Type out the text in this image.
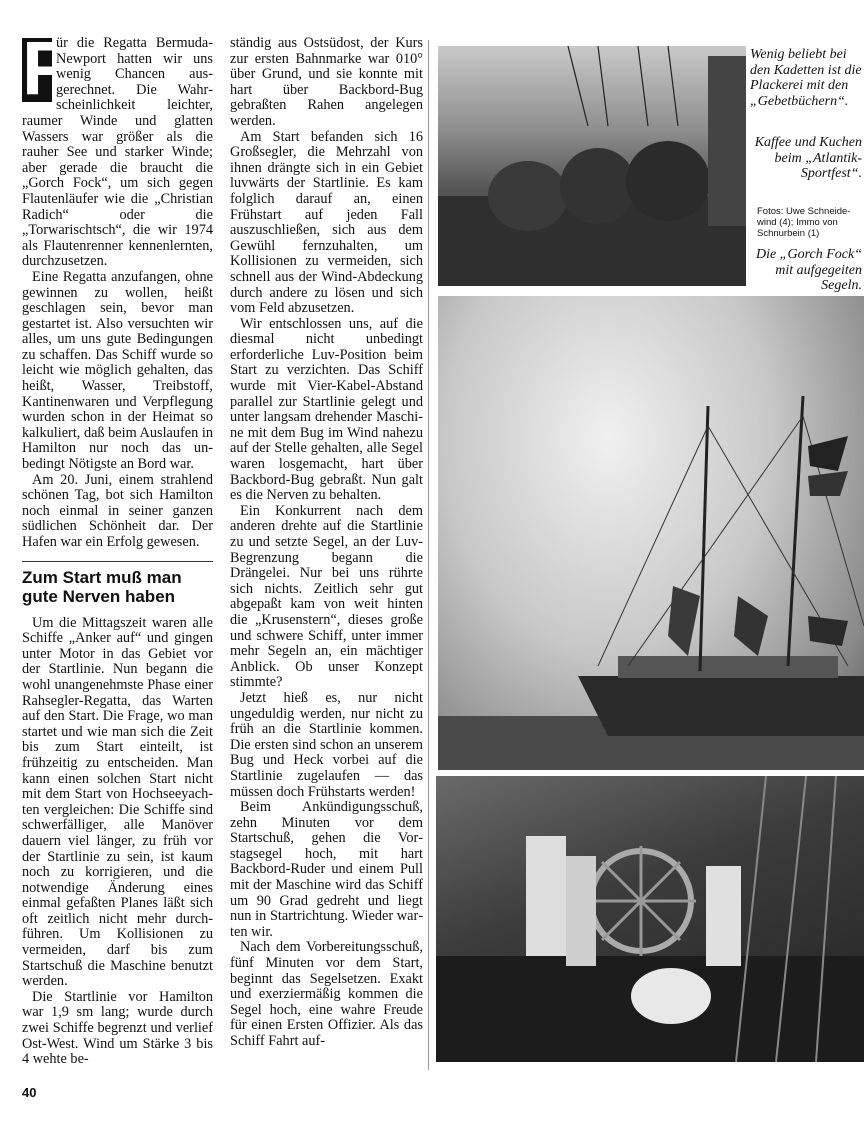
F

ür die Regatta Bermuda-Newport hatten wir uns wenig Chancen ausgerechnet. Die Wahrscheinlichkeit leichter, raumer Winde und glatten Wassers war größer als die rauher See und starker Winde; aber gerade die braucht die „Gorch Fock“, um sich gegen Flautenläufer wie die „Christian Radich“ oder die „Torwarischtsch“, die wir 1974 als Flautenrenner kennenlernten, durchzusetzen.

Eine Regatta anzufangen, ohne gewinnen zu wollen, heißt geschlagen sein, bevor man gestartet ist. Also versuchten wir alles, um uns gute Bedingungen zu schaffen. Das Schiff wurde so leicht wie möglich gehalten, das heißt, Wasser, Treibstoff, Kantinenwaren und Verpflegung wurden schon in der Heimat so kalkuliert, daß beim Auslaufen in Hamilton nur noch das unbedingt Nötigste an Bord war.

Am 20. Juni, einem strahlend schönen Tag, bot sich Hamilton noch einmal in seiner ganzen südlichen Schönheit dar. Der Hafen war ein Erfolg gewesen.

Zum Start muß man gute Nerven haben

Um die Mittagszeit waren alle Schiffe „Anker auf“ und gingen unter Motor in das Gebiet vor der Startlinie. Nun begann die wohl unangenehmste Phase einer Rahsegler-Regatta, das Warten auf den Start. Die Frage, wo man startet und wie man sich die Zeit bis zum Start einteilt, ist frühzeitig zu entscheiden. Man kann einen solchen Start nicht mit dem Start von Hochseeyachten vergleichen: Die Schiffe sind schwerfälliger, alle Manöver dauern viel länger, zu früh vor der Startlinie zu sein, ist kaum noch zu korrigieren, und die notwendige Änderung eines einmal gefaßten Planes läßt sich oft zeitlich nicht mehr durchführen. Um Kollisionen zu vermeiden, darf bis zum Startschuß die Maschine benutzt werden.

Die Startlinie vor Hamilton war 1,9 sm lang; wurde durch zwei Schiffe begrenzt und verlief Ost-West. Wind um Stärke 3 bis 4 wehte be-

ständig aus Ostsüdost, der Kurs zur ersten Bahnmarke war 010° über Grund, und sie konnte mit hart über Backbord-Bug gebraßten Rahen angelegen werden.

Am Start befanden sich 16 Großsegler, die Mehrzahl von ihnen drängte sich in ein Gebiet luvwärts der Startlinie. Es kam folglich darauf an, einen Frühstart auf jeden Fall auszuschließen, sich aus dem Gewühl fernzuhalten, um Kollisionen zu vermeiden, sich schnell aus der Wind-Abdeckung durch andere zu lösen und sich vom Feld abzusetzen.

Wir entschlossen uns, auf die diesmal nicht unbedingt erforderliche Luv-Position beim Start zu verzichten. Das Schiff wurde mit Vier-Kabel-Abstand parallel zur Startlinie gelegt und unter langsam drehender Maschine mit dem Bug im Wind nahezu auf der Stelle gehalten, alle Segel waren losgemacht, hart über Backbord-Bug gebraßt. Nun galt es die Nerven zu behalten.

Ein Konkurrent nach dem anderen drehte auf die Startlinie zu und setzte Segel, an der Luv-Begrenzung begann die Drängelei. Nur bei uns rührte sich nichts. Zeitlich sehr gut abgepaßt kam von weit hinten die „Krusenstern“, dieses große und schwere Schiff, unter immer mehr Segeln an, ein mächtiger Anblick. Ob unser Konzept stimmte?

Jetzt hieß es, nur nicht ungeduldig werden, nur nicht zu früh an die Startlinie kommen. Die ersten sind schon an unserem Bug und Heck vorbei auf die Startlinie zugelaufen — das müssen doch Frühstarts werden!

Beim Ankündigungsschuß, zehn Minuten vor dem Startschuß, gehen die Vorstagsegel hoch, mit hart Backbord-Ruder und einem Pull mit der Maschine wird das Schiff um 90 Grad gedreht und liegt nun in Startrichtung. Wieder warten wir.

Nach dem Vorbereitungsschuß, fünf Minuten vor dem Start, beginnt das Segelsetzen. Exakt und exerziermäßig kommen die Segel hoch, eine wahre Freude für einen Ersten Offizier. Als das Schiff Fahrt auf-

Wenig beliebt bei den Kadetten ist die Plackerei mit den „Gebetbüchern“.
Kaffee und Kuchen beim „Atlantik-Sportfest“.
Fotos: Uwe Schneidewind (4); Immo von Schnurbein (1)
Die „Gorch Fock“ mit aufgegeiten Segeln.
40
